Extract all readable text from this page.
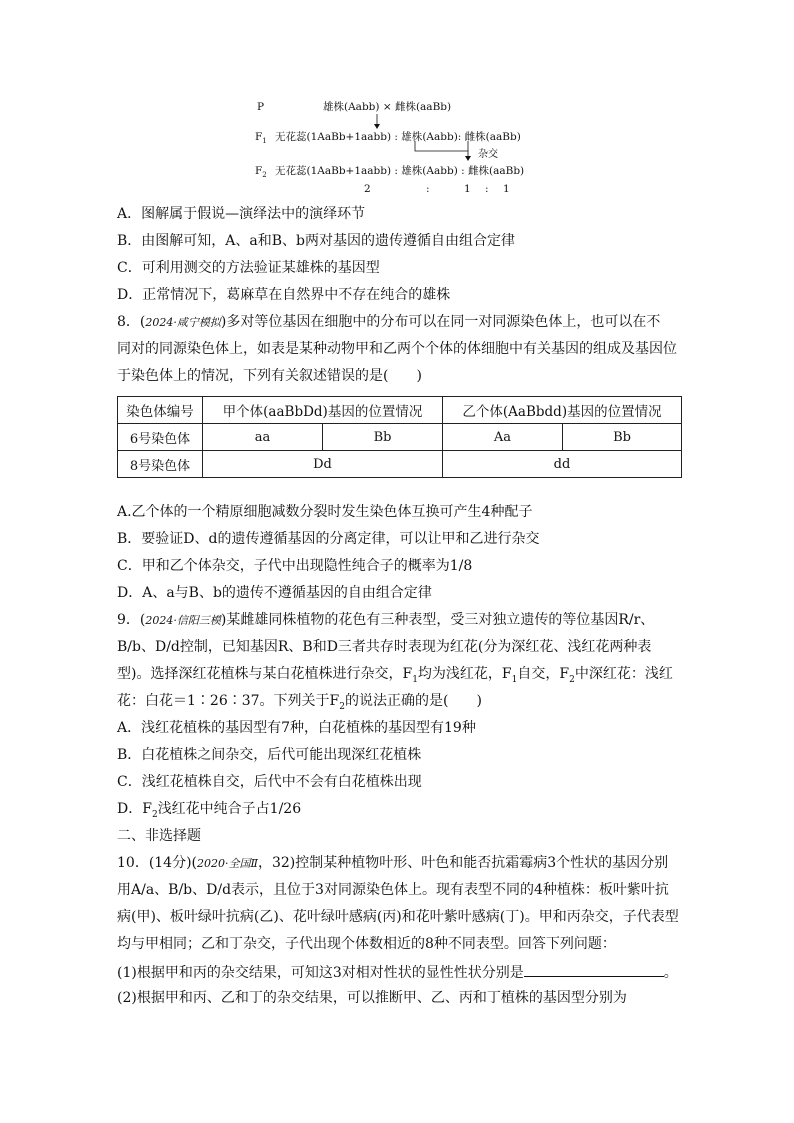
P	雄株(Aabb) × 雌株(aaBb)
$F_1$ 无花蕊(1AaBb+1aabb) : 雄株(Aabb): 雌株(aaBb)
杂交
$F_2$ 无花蕊(1AaBb+1aabb) : 雄株(Aabb) : 雌株(aaBb)
2	:	1 : 1
A．图解属于假说—演绎法中的演绎环节
B．由图解可知，A、a和B、b两对基因的遗传遵循自由组合定律
C．可利用测交的方法验证某雄株的基因型
D．正常情况下，葛麻草在自然界中不存在纯合的雄株
8．(2024·咸宁模拟)多对等位基因在细胞中的分布可以在同一对同源染色体上，也可以在不
同对的同源染色体上，如表是某种动物甲和乙两个个体的体细胞中有关基因的组成及基因位
于染色体上的情况，下列有关叙述错误的是(　　)
染色体编号	甲个体(aaBbDd)基因的位置情况		乙个体(AaBbdd)基因的位置情况	
6号染色体	aa	Bb	Aa	Bb
8号染色体	Dd		dd	
A.乙个体的一个精原细胞减数分裂时发生染色体互换可产生4种配子
B．要验证D、d的遗传遵循基因的分离定律，可以让甲和乙进行杂交
C．甲和乙个体杂交，子代中出现隐性纯合子的概率为1/8
D．A、a与B、b的遗传不遵循基因的自由组合定律
9．(2024·信阳三模)某雌雄同株植物的花色有三种表型，受三对独立遗传的等位基因R/r、
B/b、D/d控制，已知基因R、B和D三者共存时表现为红花(分为深红花、浅红花两种表
型)。选择深红花植株与某白花植株进行杂交，$F_1$均为浅红花，$F_1$自交，$F_2$中深红花：浅红
花：白花＝1∶26∶37。下列关于$F_2$的说法正确的是(　　)
A．浅红花植株的基因型有7种，白花植株的基因型有19种
B．白花植株之间杂交，后代可能出现深红花植株
C．浅红花植株自交，后代中不会有白花植株出现
D．$F_2$浅红花中纯合子占1/26
二、非选择题
10．(14分)(2020·全国Ⅱ，32)控制某种植物叶形、叶色和能否抗霜霉病3个性状的基因分别
用A/a、B/b、D/d表示，且位于3对同源染色体上。现有表型不同的4种植株：板叶紫叶抗
病(甲)、板叶绿叶抗病(乙)、花叶绿叶感病(丙)和花叶紫叶感病(丁)。甲和丙杂交，子代表型
均与甲相同；乙和丁杂交，子代出现个体数相近的8种不同表型。回答下列问题：
(1)根据甲和丙的杂交结果，可知这3对相对性状的显性性状分别是	。
(2)根据甲和丙、乙和丁的杂交结果，可以推断甲、乙、丙和丁植株的基因型分别为
